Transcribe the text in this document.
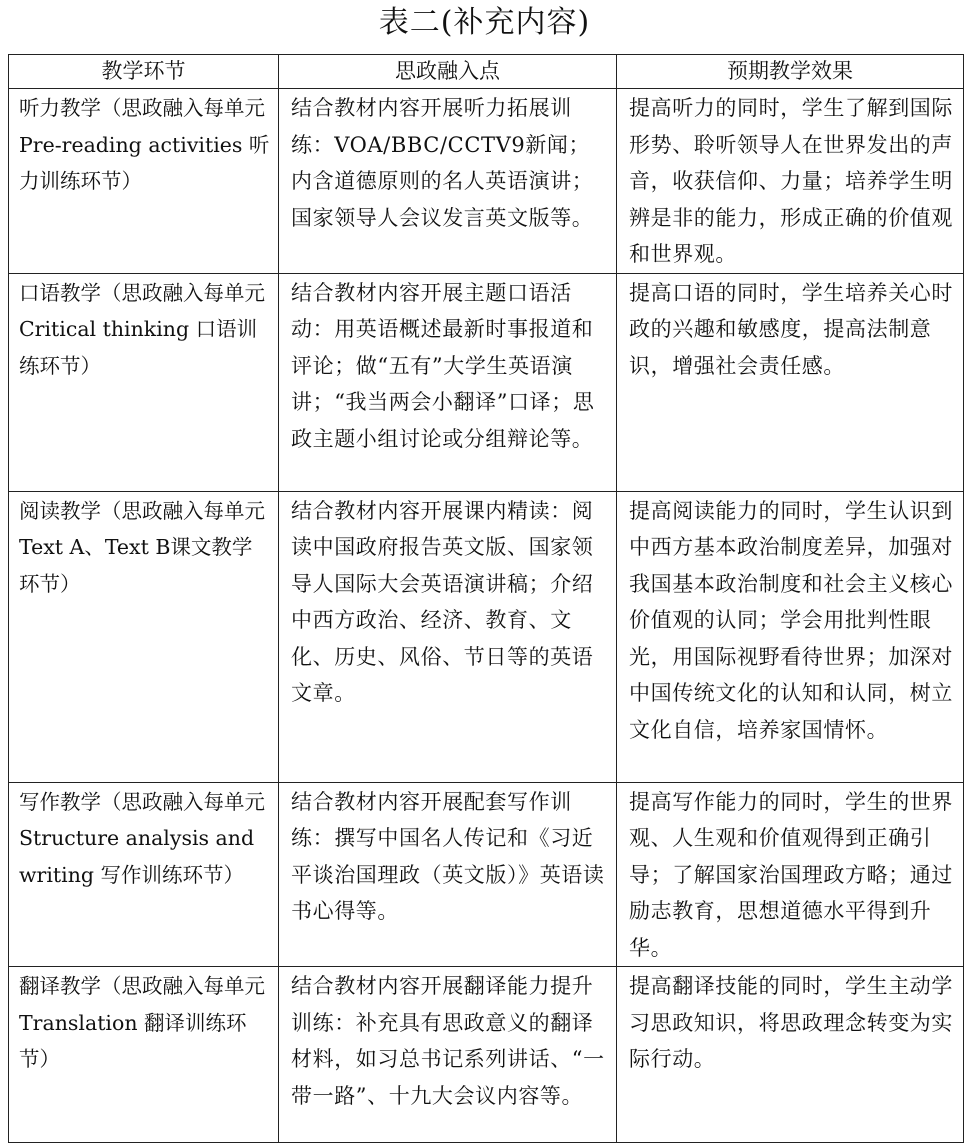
表二(补充内容)
教学环节	思政融入点	预期教学效果
听力教学（思政融入每单元Pre-reading activities 听力训练环节）	结合教材内容开展听力拓展训练：VOA/BBC/CCTV9新闻；内含道德原则的名人英语演讲；国家领导人会议发言英文版等。	提高听力的同时，学生了解到国际形势、聆听领导人在世界发出的声音，收获信仰、力量；培养学生明辨是非的能力，形成正确的价值观和世界观。
口语教学（思政融入每单元Critical thinking 口语训练环节）	结合教材内容开展主题口语活动：用英语概述最新时事报道和评论；做“五有”大学生英语演讲；“我当两会小翻译”口译；思政主题小组讨论或分组辩论等。	提高口语的同时，学生培养关心时政的兴趣和敏感度，提高法制意识，增强社会责任感。
阅读教学（思政融入每单元Text A、Text B课文教学环节）	结合教材内容开展课内精读：阅读中国政府报告英文版、国家领导人国际大会英语演讲稿；介绍中西方政治、经济、教育、文化、历史、风俗、节日等的英语文章。	提高阅读能力的同时，学生认识到中西方基本政治制度差异，加强对我国基本政治制度和社会主义核心价值观的认同；学会用批判性眼光，用国际视野看待世界；加深对中国传统文化的认知和认同，树立文化自信，培养家国情怀。
写作教学（思政融入每单元Structure analysis and writing 写作训练环节）	结合教材内容开展配套写作训练：撰写中国名人传记和《习近平谈治国理政（英文版）》英语读书心得等。	提高写作能力的同时，学生的世界观、人生观和价值观得到正确引导；了解国家治国理政方略；通过励志教育，思想道德水平得到升华。
翻译教学（思政融入每单元Translation 翻译训练环节）	结合教材内容开展翻译能力提升训练：补充具有思政意义的翻译材料，如习总书记系列讲话、“一带一路”、十九大会议内容等。	提高翻译技能的同时，学生主动学习思政知识，将思政理念转变为实际行动。
